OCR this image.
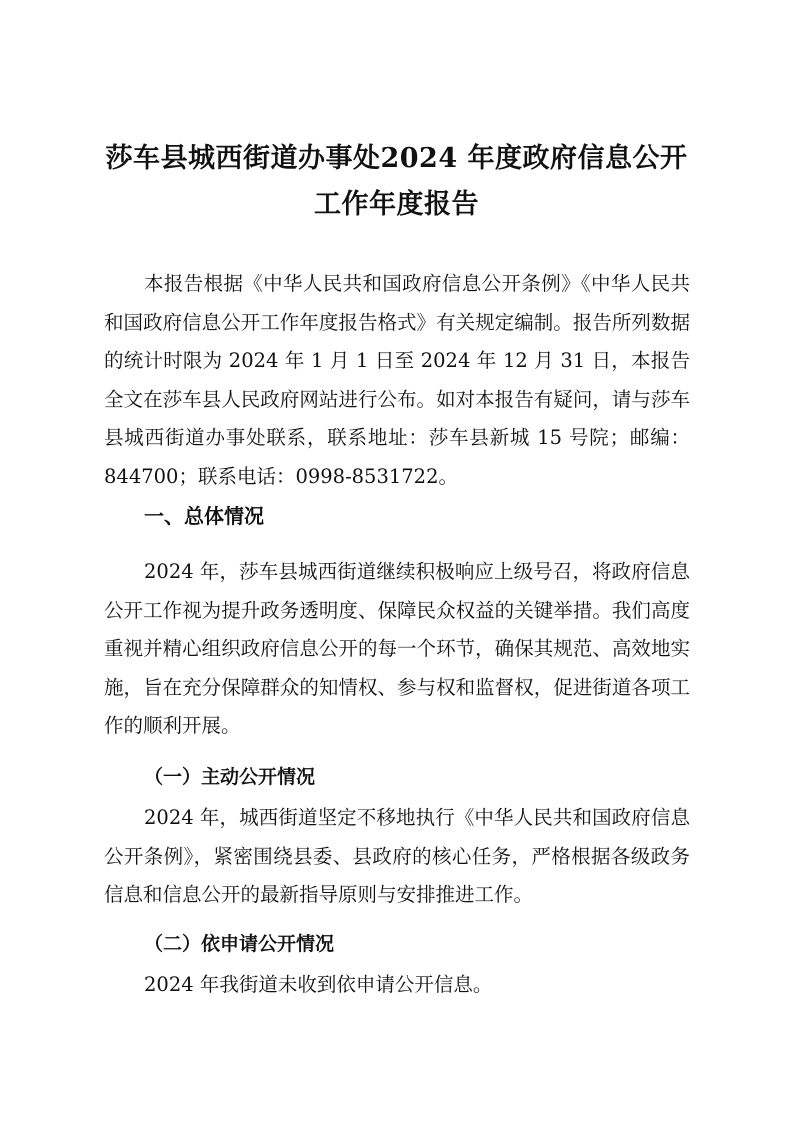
莎车县城西街道办事处2024 年度政府信息公开
工作年度报告
本报告根据《中华人民共和国政府信息公开条例》《中华人民共和国政府信息公开工作年度报告格式》有关规定编制。报告所列数据的统计时限为 2024 年 1 月 1 日至 2024 年 12 月 31 日，本报告全文在莎车县人民政府网站进行公布。如对本报告有疑问，请与莎车县城西街道办事处联系，联系地址：莎车县新城 15 号院；邮编：844700；联系电话：0998-8531722。
一、总体情况
2024 年，莎车县城西街道继续积极响应上级号召，将政府信息公开工作视为提升政务透明度、保障民众权益的关键举措。我们高度重视并精心组织政府信息公开的每一个环节，确保其规范、高效地实施，旨在充分保障群众的知情权、参与权和监督权，促进街道各项工作的顺利开展。
（一）主动公开情况
2024 年，城西街道坚定不移地执行《中华人民共和国政府信息公开条例》，紧密围绕县委、县政府的核心任务，严格根据各级政务信息和信息公开的最新指导原则与安排推进工作。
（二）依申请公开情况
2024 年我街道未收到依申请公开信息。
